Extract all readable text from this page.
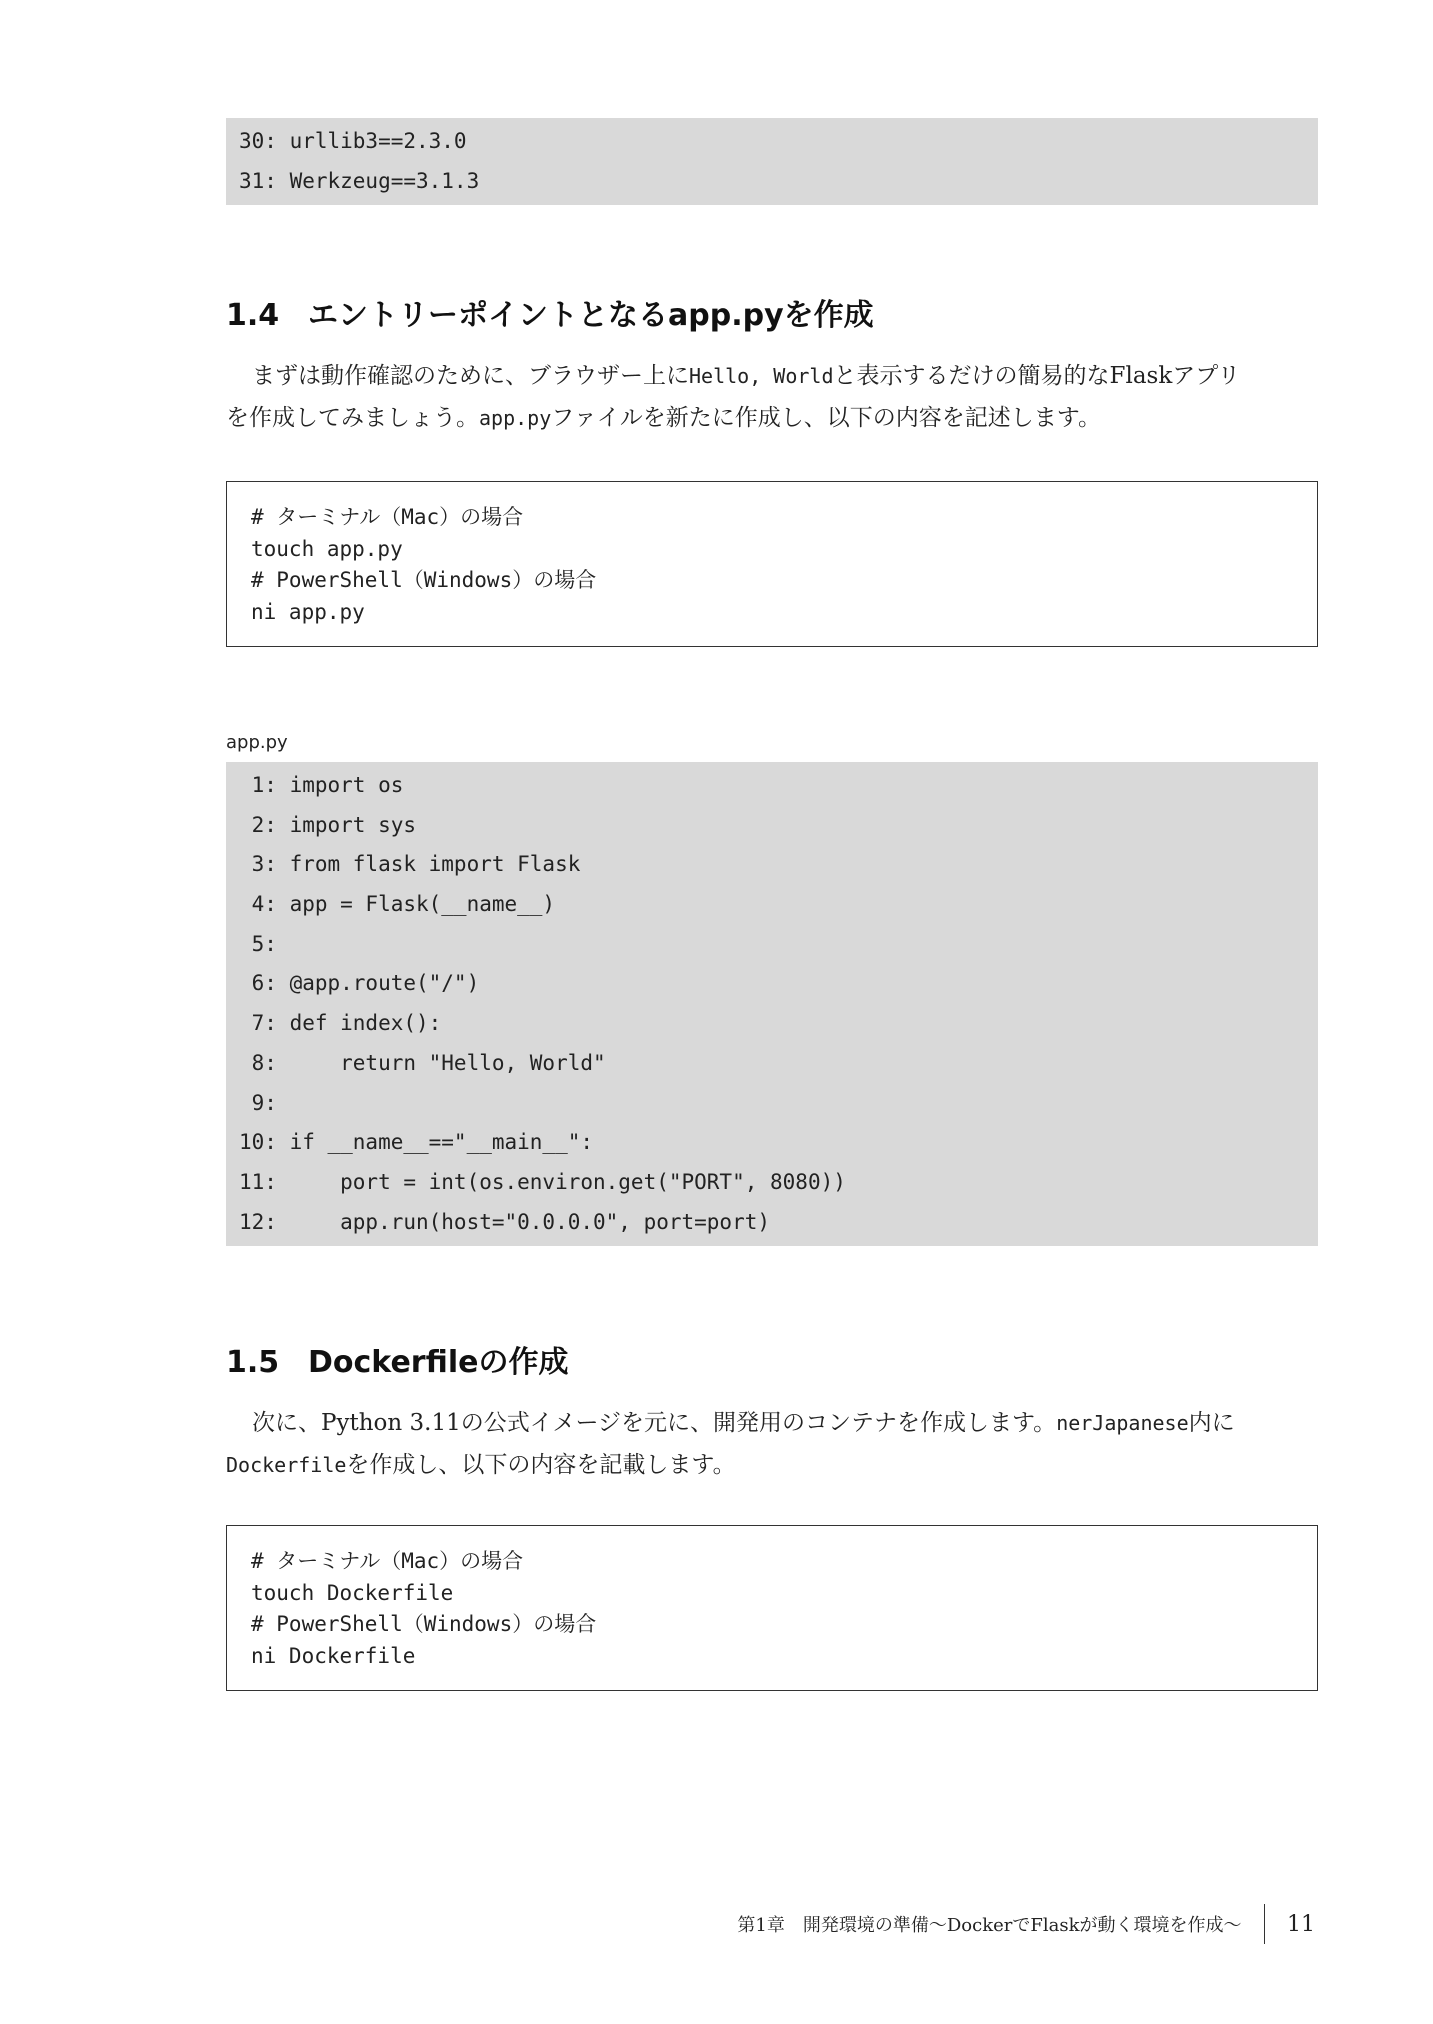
30: urllib3==2.3.0
31: Werkzeug==3.1.3
1.4 エントリーポイントとなるapp.pyを作成
まずは動作確認のために、ブラウザー上にHello, Worldと表示するだけの簡易的なFlaskアプリ
を作成してみましょう。app.pyファイルを新たに作成し、以下の内容を記述します。
# ターミナル（Mac）の場合
touch app.py
# PowerShell（Windows）の場合
ni app.py
app.py
1: import os
2: import sys
3: from flask import Flask
4: app = Flask(__name__)
5:
6: @app.route("/")
7: def index():
8:     return "Hello, World"
9:
10: if __name__=="__main__":
11:     port = int(os.environ.get("PORT", 8080))
12:     app.run(host="0.0.0.0", port=port)
1.5 Dockerfileの作成
次に、Python 3.11の公式イメージを元に、開発用のコンテナを作成します。nerJapanese内に
Dockerfileを作成し、以下の内容を記載します。
# ターミナル（Mac）の場合
touch Dockerfile
# PowerShell（Windows）の場合
ni Dockerfile
第1章　開発環境の準備〜DockerでFlaskが動く環境を作成〜 11
